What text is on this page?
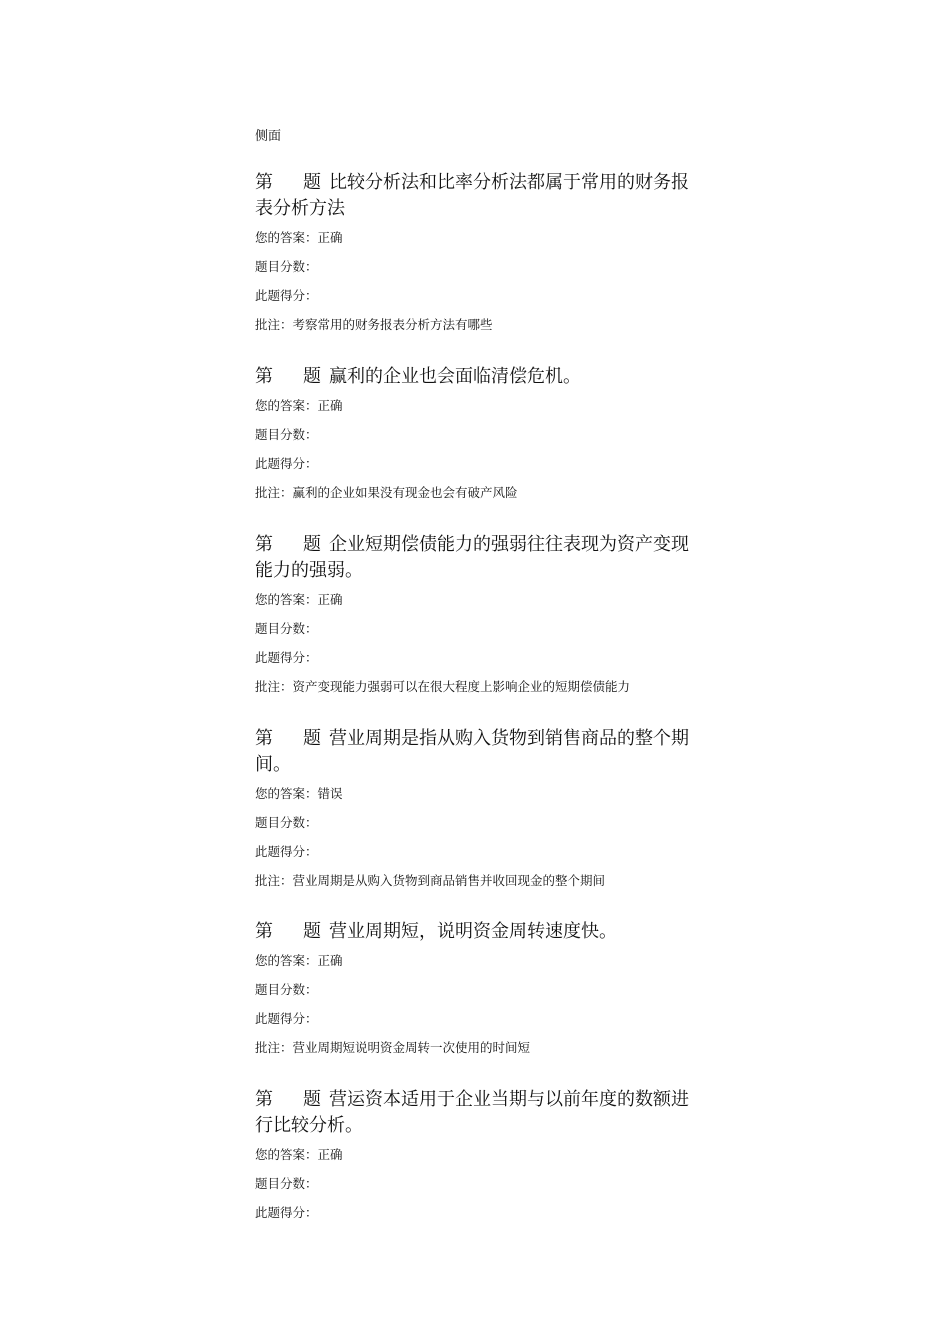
侧面

第 题 比较分析法和比率分析法都属于常用的财务报表分析方法

您的答案：正确
题目分数：
此题得分：
批注：考察常用的财务报表分析方法有哪些

第 题 赢利的企业也会面临清偿危机。

您的答案：正确
题目分数：
此题得分：
批注：赢利的企业如果没有现金也会有破产风险

第 题 企业短期偿债能力的强弱往往表现为资产变现能力的强弱。

您的答案：正确
题目分数：
此题得分：
批注：资产变现能力强弱可以在很大程度上影响企业的短期偿债能力

第 题 营业周期是指从购入货物到销售商品的整个期间。

您的答案：错误
题目分数：
此题得分：
批注：营业周期是从购入货物到商品销售并收回现金的整个期间

第 题 营业周期短，说明资金周转速度快。

您的答案：正确
题目分数：
此题得分：
批注：营业周期短说明资金周转一次使用的时间短

第 题 营运资本适用于企业当期与以前年度的数额进行比较分析。

您的答案：正确
题目分数：
此题得分：
